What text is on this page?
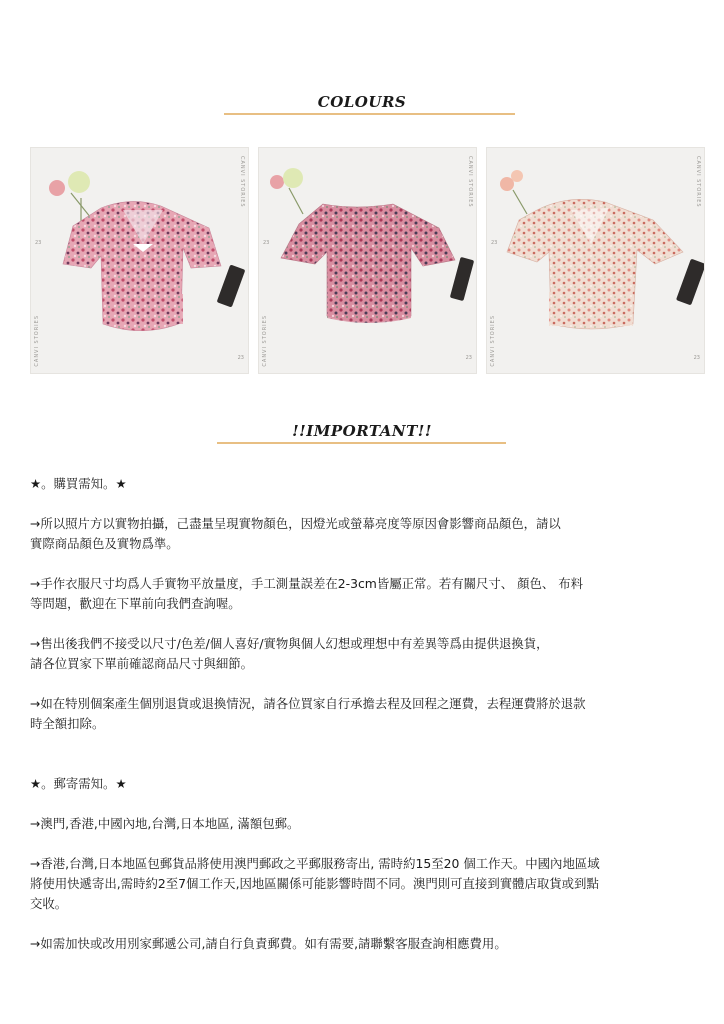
COLOURS
CANVI STORIES
CANVI STORIES
23
23
CANVI STORIES
CANVI STORIES
23
23
CANVI STORIES
CANVI STORIES
23
23
!!IMPORTANT!!

★。購買需知。★

→所以照片方以實物拍攝，己盡量呈現實物顏色，因燈光或螢幕亮度等原因會影響商品顏色，請以
實際商品顏色及實物爲準。

→手作衣服尺寸均爲人手實物平放量度，手工測量誤差在2-3cm皆屬正常。若有關尺寸、 顏色、 布料
等問題，歡迎在下單前向我們查詢喔。

→售出後我們不接受以尺寸/色差/個人喜好/實物與個人幻想或理想中有差異等爲由提供退換貨，
請各位買家下單前確認商品尺寸與細節。

→如在特別個案產生個別退貨或退換情況，請各位買家自行承擔去程及回程之運費，去程運費將於退款
時全額扣除。

★。郵寄需知。★

→澳門,香港,中國內地,台灣,日本地區, 滿額包郵。

→香港,台灣,日本地區包郵貨品將使用澳門郵政之平郵服務寄出, 需時約15至20 個工作天。中國內地區域
將使用快遞寄出,需時約2至7個工作天,因地區關係可能影響時間不同。澳門則可直接到實體店取貨或到點
交收。

→如需加快或改用別家郵遞公司,請自行負責郵費。如有需要,請聯繫客服查詢相應費用。
